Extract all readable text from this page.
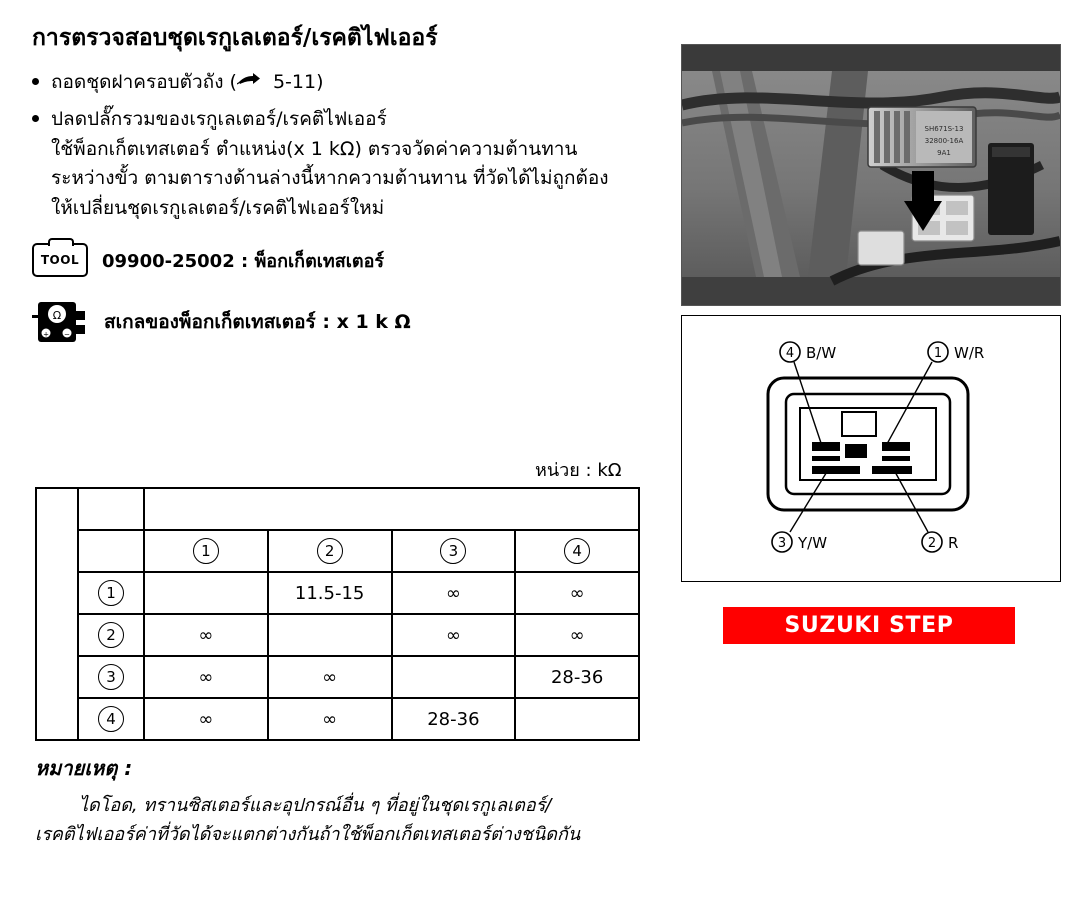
การตรวจสอบชุดเรกูเลเตอร์/เรคติไฟเออร์
ถอดชุดฝาครอบตัวถัง ( 5-11)
ปลดปลั๊กรวมของเรกูเลเตอร์/เรคติไฟเออร์
ใช้พ็อกเก็ตเทสเตอร์ ตำแหน่ง(x 1 kΩ) ตรวจวัดค่าความต้านทาน
ระหว่างขั้ว ตามตารางด้านล่างนี้หากความต้านทาน ที่วัดได้ไม่ถูกต้อง
ให้เปลี่ยนชุดเรกูเลเตอร์/เรคติไฟเออร์ใหม่
TOOL	09900-25002 : พ็อกเก็ตเทสเตอร์
Ω
+ −
สเกลของพ็อกเก็ตเทสเตอร์ : x 1 k Ω
หน่วย : kΩ
ขั้ว (-) ของพ็อกเก็ตเทสเตอร์		ขั้ว (+) ของพ็อกเก็ตเทสเตอร์			
		1	2	3	4
	1		11.5-15	∞	∞
	2	∞		∞	∞
	3	∞	∞		28-36
	4	∞	∞	28-36	
หมายเหตุ :
ไดโอด, ทรานซิสเตอร์และอุปกรณ์อื่น ๆ ที่อยู่ในชุดเรกูเลเตอร์/
เรคติไฟเออร์ค่าที่วัดได้จะแตกต่างกันถ้าใช้พ็อกเก็ตเทสเตอร์ต่างชนิดกัน
SH671S-13
32800-16A
9A1
4	1
3	2
B/W	W/R
Y/W	R
SUZUKI STEP
